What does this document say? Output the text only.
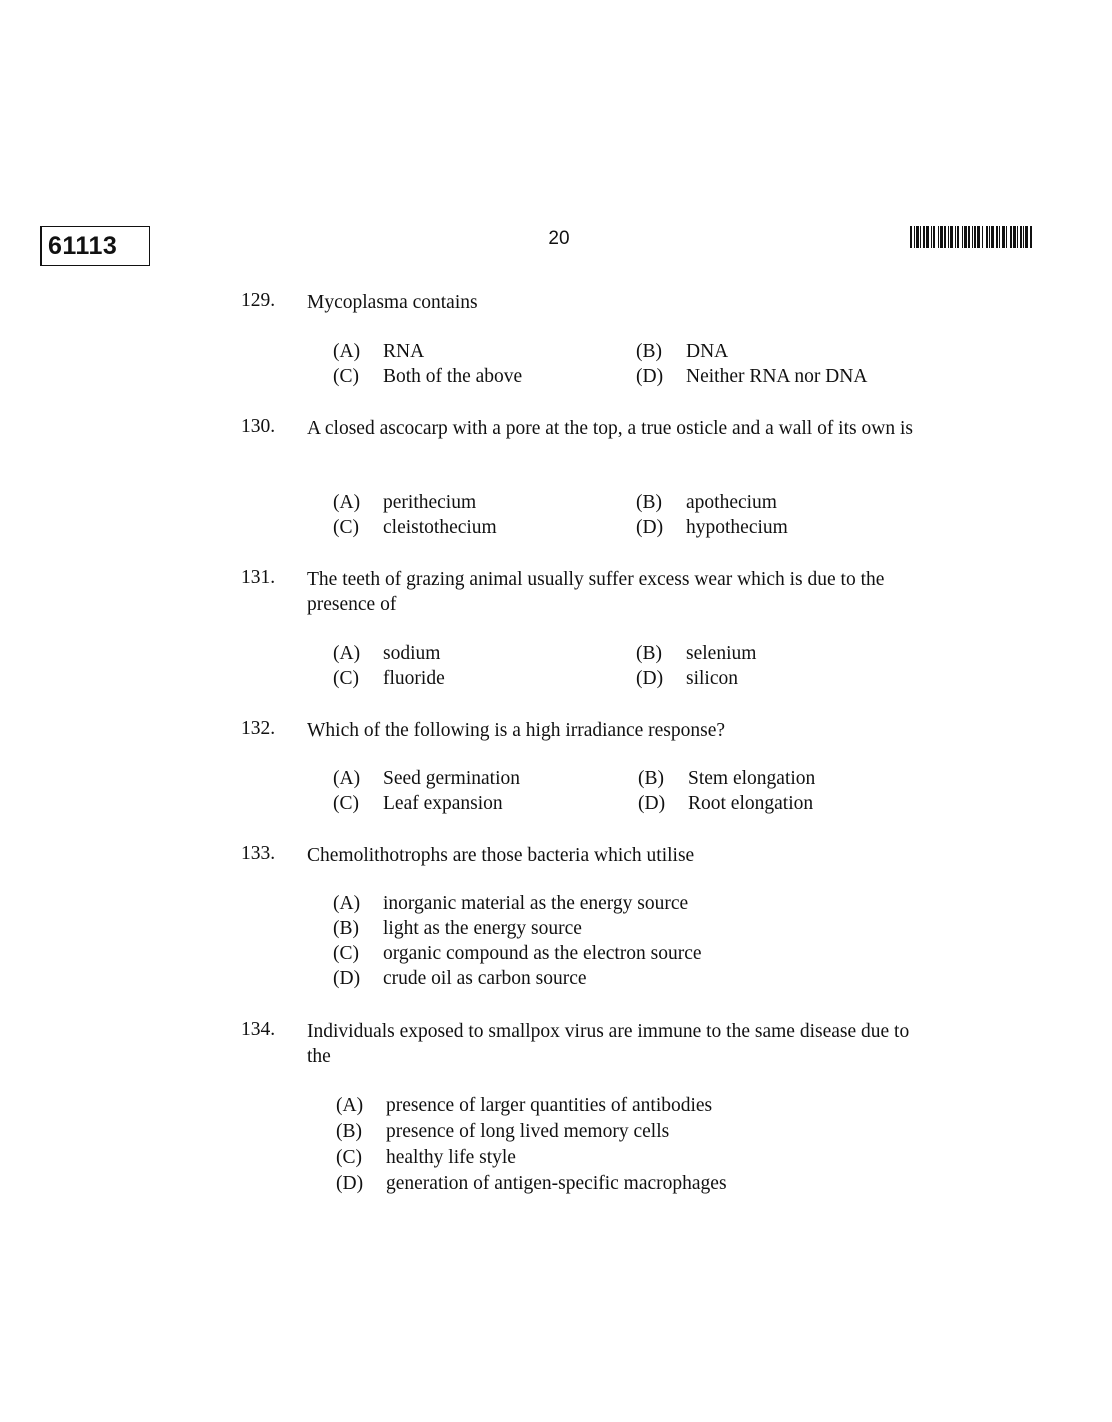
61113	20
129. Mycoplasma contains
(A) RNA	(B) DNA
(C) Both of the above	(D) Neither RNA nor DNA
130. A closed ascocarp with a pore at the top, a true osticle and a wall of its own is
(A) perithecium	(B) apothecium
(C) cleistothecium	(D) hypothecium
131. The teeth of grazing animal usually suffer excess wear which is due to the presence of
(A) sodium	(B) selenium
(C) fluoride	(D) silicon
132. Which of the following is a high irradiance response?
(A) Seed germination	(B) Stem elongation
(C) Leaf expansion	(D) Root elongation
133. Chemolithotrophs are those bacteria which utilise
(A) inorganic material as the energy source
(B) light as the energy source
(C) organic compound as the electron source
(D) crude oil as carbon source
134. Individuals exposed to smallpox virus are immune to the same disease due to the
(A) presence of larger quantities of antibodies
(B) presence of long lived memory cells
(C) healthy life style
(D) generation of antigen-specific macrophages
